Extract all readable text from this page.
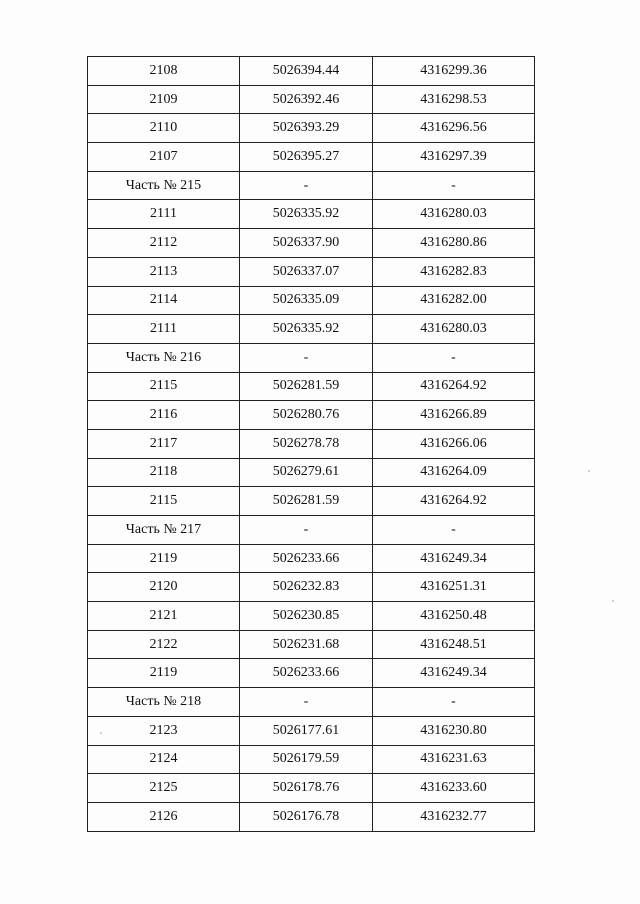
2108	5026394.44	4316299.36
2109	5026392.46	4316298.53
2110	5026393.29	4316296.56
2107	5026395.27	4316297.39
Часть № 215	-	-
2111	5026335.92	4316280.03
2112	5026337.90	4316280.86
2113	5026337.07	4316282.83
2114	5026335.09	4316282.00
2111	5026335.92	4316280.03
Часть № 216	-	-
2115	5026281.59	4316264.92
2116	5026280.76	4316266.89
2117	5026278.78	4316266.06
2118	5026279.61	4316264.09
2115	5026281.59	4316264.92
Часть № 217	-	-
2119	5026233.66	4316249.34
2120	5026232.83	4316251.31
2121	5026230.85	4316250.48
2122	5026231.68	4316248.51
2119	5026233.66	4316249.34
Часть № 218	-	-
2123	5026177.61	4316230.80
2124	5026179.59	4316231.63
2125	5026178.76	4316233.60
2126	5026176.78	4316232.77
